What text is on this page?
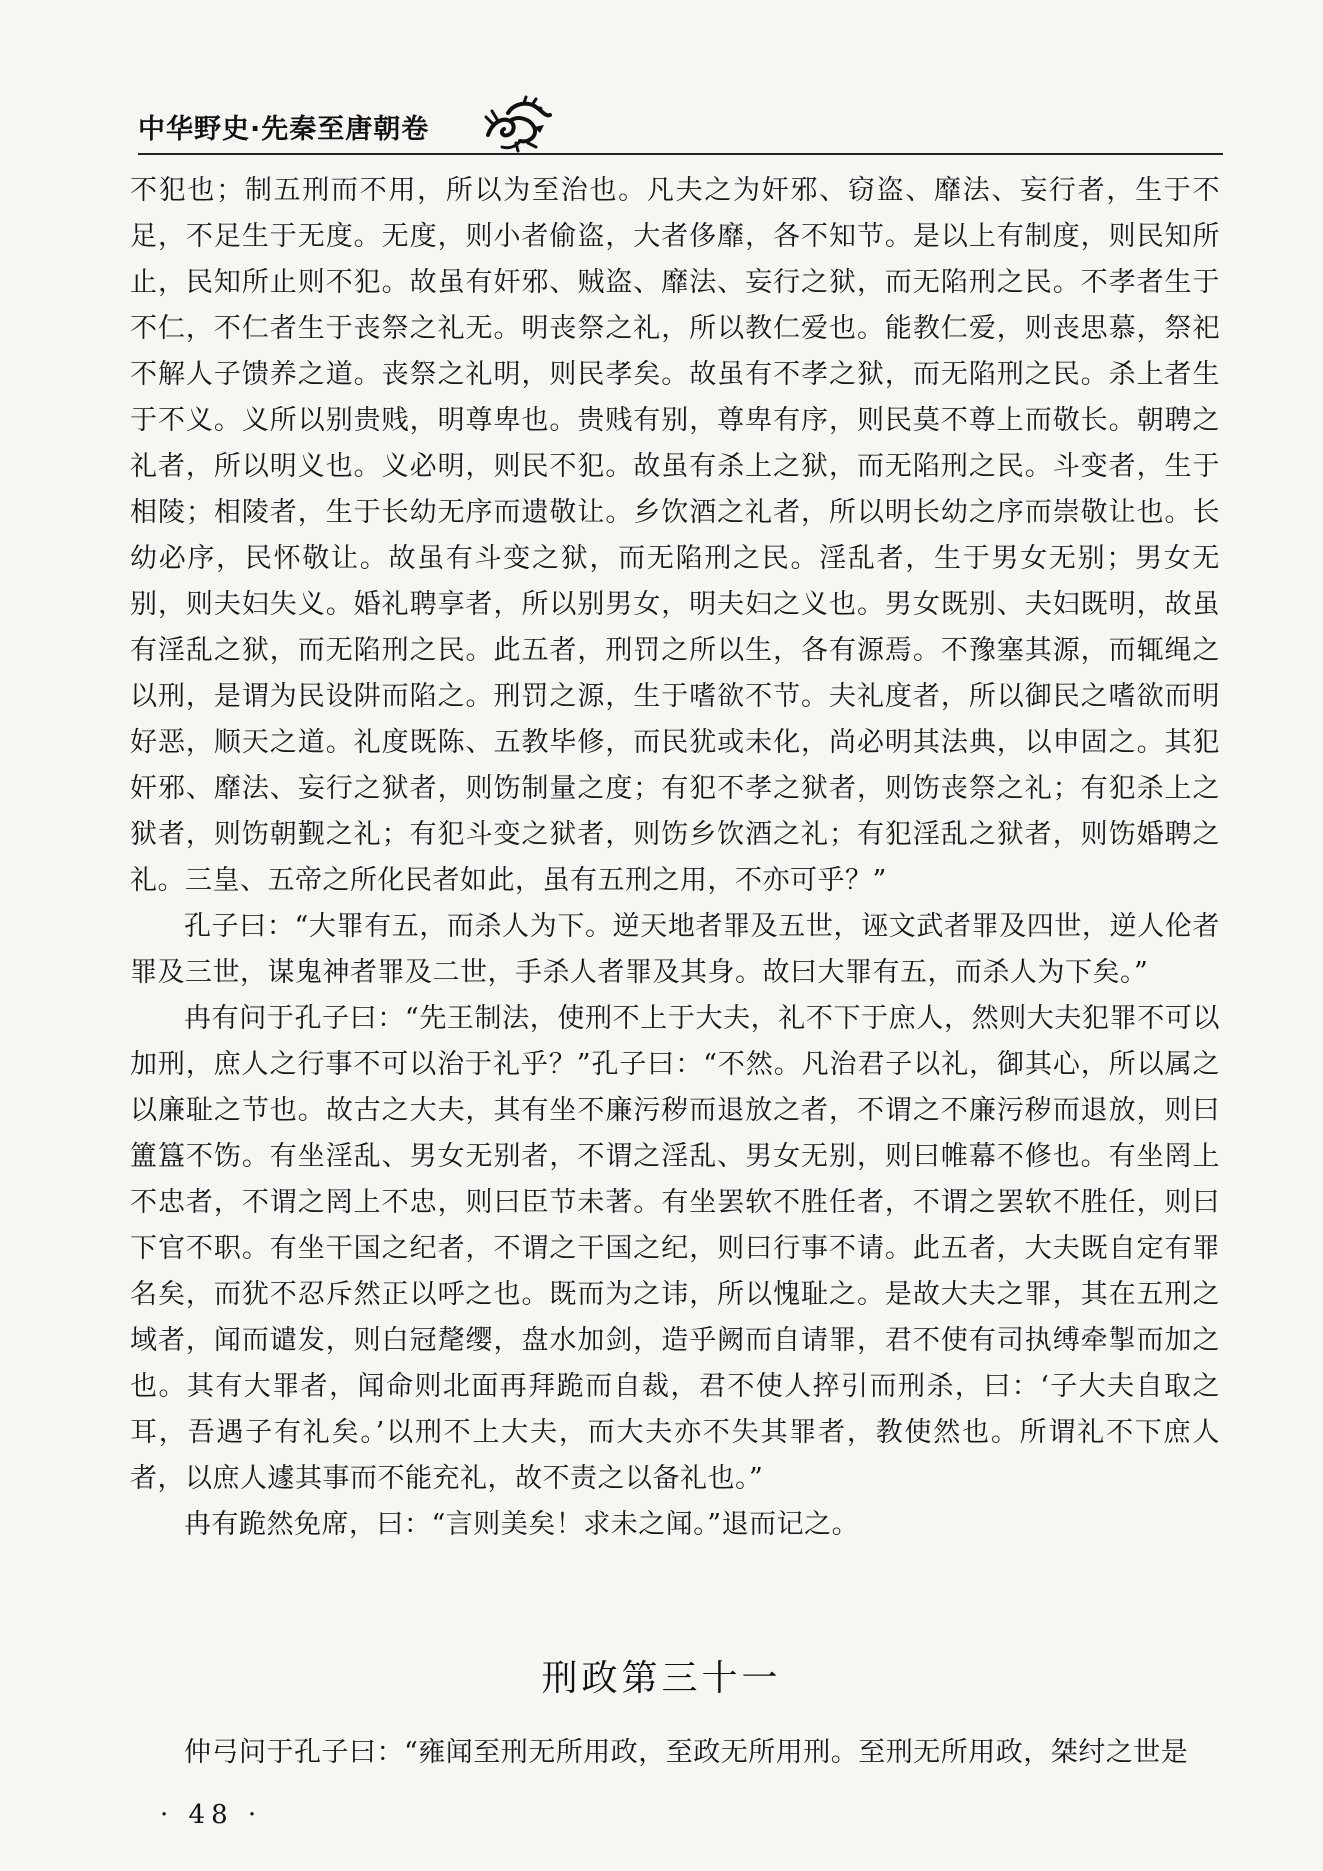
中华野史·先秦至唐朝卷

不犯也；制五刑而不用，所以为至治也。凡夫之为奸邪、窃盗、靡法、妄行者，生于不足，不足生于无度。无度，则小者偷盗，大者侈靡，各不知节。是以上有制度，则民知所止，民知所止则不犯。故虽有奸邪、贼盗、靡法、妄行之狱，而无陷刑之民。不孝者生于不仁，不仁者生于丧祭之礼无。明丧祭之礼，所以教仁爱也。能教仁爱，则丧思慕，祭祀不解人子馈养之道。丧祭之礼明，则民孝矣。故虽有不孝之狱，而无陷刑之民。杀上者生于不义。义所以别贵贱，明尊卑也。贵贱有别，尊卑有序，则民莫不尊上而敬长。朝聘之礼者，所以明义也。义必明，则民不犯。故虽有杀上之狱，而无陷刑之民。斗变者，生于相陵；相陵者，生于长幼无序而遗敬让。乡饮酒之礼者，所以明长幼之序而崇敬让也。长幼必序，民怀敬让。故虽有斗变之狱，而无陷刑之民。淫乱者，生于男女无别；男女无别，则夫妇失义。婚礼聘享者，所以别男女，明夫妇之义也。男女既别、夫妇既明，故虽有淫乱之狱，而无陷刑之民。此五者，刑罚之所以生，各有源焉。不豫塞其源，而辄绳之以刑，是谓为民设阱而陷之。刑罚之源，生于嗜欲不节。夫礼度者，所以御民之嗜欲而明好恶，顺天之道。礼度既陈、五教毕修，而民犹或未化，尚必明其法典，以申固之。其犯奸邪、靡法、妄行之狱者，则饬制量之度；有犯不孝之狱者，则饬丧祭之礼；有犯杀上之狱者，则饬朝觐之礼；有犯斗变之狱者，则饬乡饮酒之礼；有犯淫乱之狱者，则饬婚聘之礼。三皇、五帝之所化民者如此，虽有五刑之用，不亦可乎？”

孔子曰：“大罪有五，而杀人为下。逆天地者罪及五世，诬文武者罪及四世，逆人伦者罪及三世，谋鬼神者罪及二世，手杀人者罪及其身。故曰大罪有五，而杀人为下矣。”

冉有问于孔子曰：“先王制法，使刑不上于大夫，礼不下于庶人，然则大夫犯罪不可以加刑，庶人之行事不可以治于礼乎？”孔子曰：“不然。凡治君子以礼，御其心，所以属之以廉耻之节也。故古之大夫，其有坐不廉污秽而退放之者，不谓之不廉污秽而退放，则曰簠簋不饬。有坐淫乱、男女无别者，不谓之淫乱、男女无别，则曰帷幕不修也。有坐罔上不忠者，不谓之罔上不忠，则曰臣节未著。有坐罢软不胜任者，不谓之罢软不胜任，则曰下官不职。有坐干国之纪者，不谓之干国之纪，则曰行事不请。此五者，大夫既自定有罪名矣，而犹不忍斥然正以呼之也。既而为之讳，所以愧耻之。是故大夫之罪，其在五刑之域者，闻而谴发，则白冠氂缨，盘水加剑，造乎阙而自请罪，君不使有司执缚牵掣而加之也。其有大罪者，闻命则北面再拜跪而自裁，君不使人捽引而刑杀，曰：‘子大夫自取之耳，吾遇子有礼矣。’以刑不上大夫，而大夫亦不失其罪者，教使然也。所谓礼不下庶人者，以庶人遽其事而不能充礼，故不责之以备礼也。”

冉有跪然免席，曰：“言则美矣！求未之闻。”退而记之。

刑政第三十一

仲弓问于孔子曰：“雍闻至刑无所用政，至政无所用刑。至刑无所用政，桀纣之世是

· 48 ·
